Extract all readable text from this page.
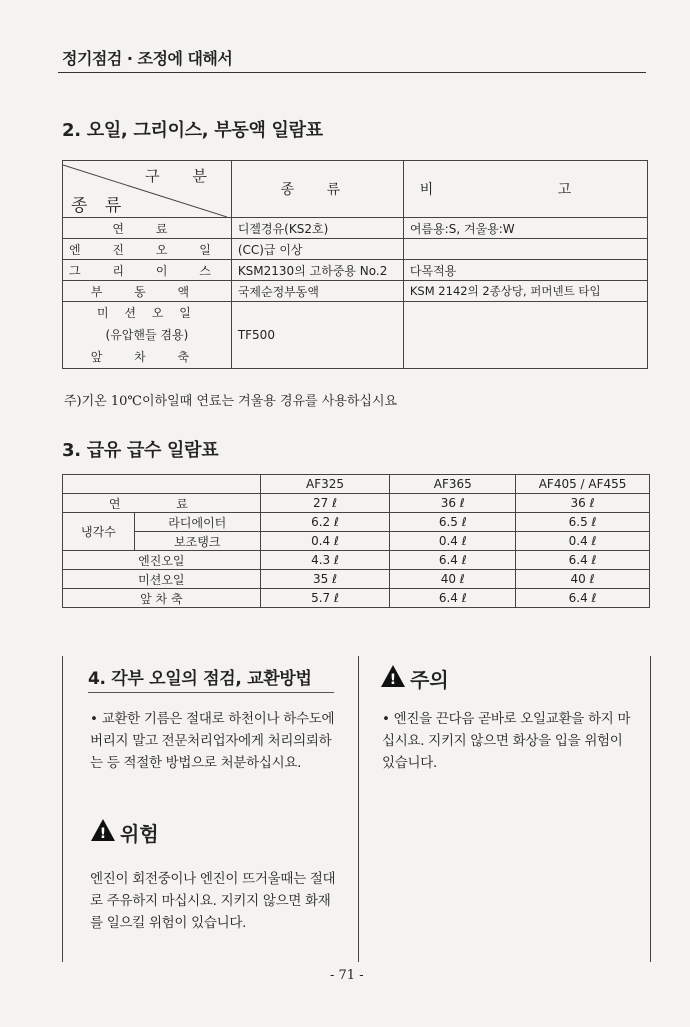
정기점검 · 조정에 대해서
2. 오일, 그리이스, 부동액 일람표
구 분
종 류	종 류	비 고
연 료	디젤경유(KS2호)	여름용:S, 겨울용:W
엔 진 오 일	(CC)급 이상	
그 리 이 스	KSM2130의 고하중용 No.2	다목적용
부 동 액	국제순정부동액	KSM 2142의 2종상당, 퍼머넨트 타입

미 션 오 일
(유압핸들 겸용)
앞 차 축	TF500	
주)기온 10℃이하일때 연료는 겨울용 경유를 사용하십시요
3. 급유 급수 일람표
		AF325	AF365	AF405 / AF455
연 료		27 ℓ	36 ℓ	36 ℓ
냉각수	라디에이터	6.2 ℓ	6.5 ℓ	6.5 ℓ
	보조탱크	0.4 ℓ	0.4 ℓ	0.4 ℓ
엔진오일		4.3 ℓ	6.4 ℓ	6.4 ℓ
미션오일		35 ℓ	40 ℓ	40 ℓ
앞 차 축		5.7 ℓ	6.4 ℓ	6.4 ℓ
4. 각부 오일의 점검, 교환방법
• 교환한 기름은 절대로 하천이나 하수도에 버리지 말고 전문처리업자에게 처리의뢰하는 등 적절한 방법으로 처분하십시요.
! 위험
엔진이 회전중이나 엔진이 뜨거울때는 절대로 주유하지 마십시요. 지키지 않으면 화재를 일으킬 위험이 있습니다.
! 주의
• 엔진을 끈다음 곧바로 오일교환을 하지 마십시요. 지키지 않으면 화상을 입을 위험이 있습니다.
- 71 -
